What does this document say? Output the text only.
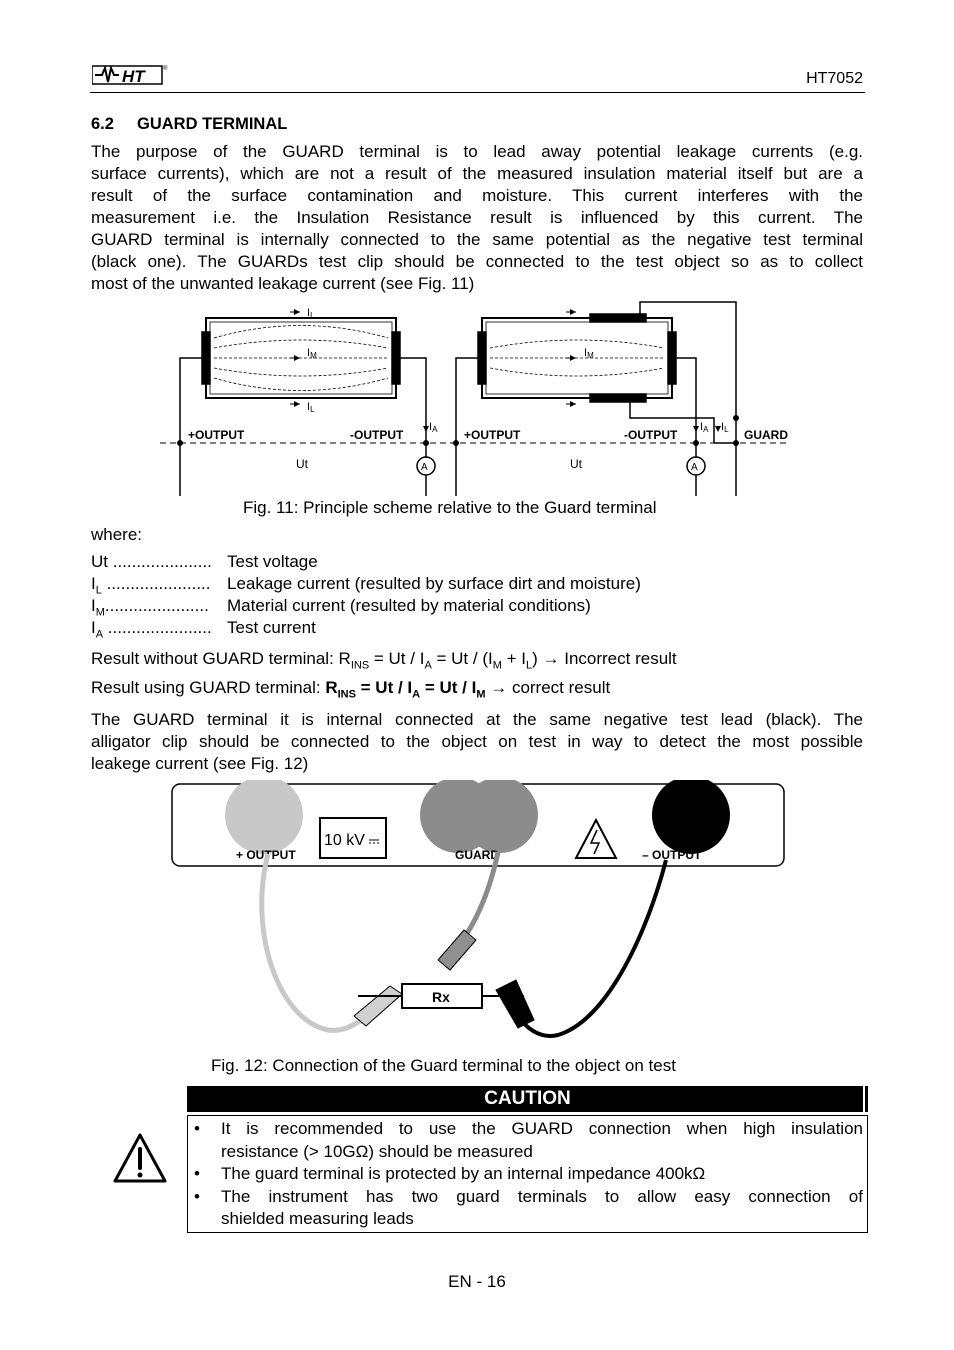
HT	®
HT7052
6.2 GUARD TERMINAL
The purpose of the GUARD terminal is to lead away potential leakage currents (e.g.
surface currents), which are not a result of the measured insulation material itself but are a
result of the surface contamination and moisture. This current interferes with the
measurement i.e. the Insulation Resistance result is influenced by this current. The
GUARD terminal is internally connected to the same potential as the negative test terminal
(black one). The GUARDs test clip should be connected to the test object so as to collect
most of the unwanted leakage current (see Fig. 11)
IL
IM
IL
IM
IA	IA IL
+OUTPUT	-OUTPUT	+OUTPUT	-OUTPUT	GUARD
Ut	Ut
A	A
Fig. 11: Principle scheme relative to the Guard terminal
where:
Ut ..................... Test voltage
$I_L$ ...................... Leakage current (resulted by surface dirt and moisture)
$I_M$......................	Material current (resulted by material conditions)
$I_A$ ...................... Test current
Result without GUARD terminal: $R_{INS} = Ut / I_A = Ut / (I_M + I_L)$ → Incorrect result
Result using GUARD terminal: $R_{INS} = Ut / I_A = Ut / I_M$ → correct result
The GUARD terminal it is internal connected at the same negative test lead (black). The
alligator clip should be connected to the object on test in way to detect the most possible
leakege current (see Fig. 12)
10 kV
+ OUTPUT	GUARD	– OUTPUT
Rx
Fig. 12: Connection of the Guard terminal to the object on test
CAUTION
• It is recommended to use the GUARD connection when high insulation
resistance (> 10GΩ) should be measured
• The guard terminal is protected by an internal impedance 400kΩ
• The instrument has two guard terminals to allow easy connection of
shielded measuring leads
EN - 16
